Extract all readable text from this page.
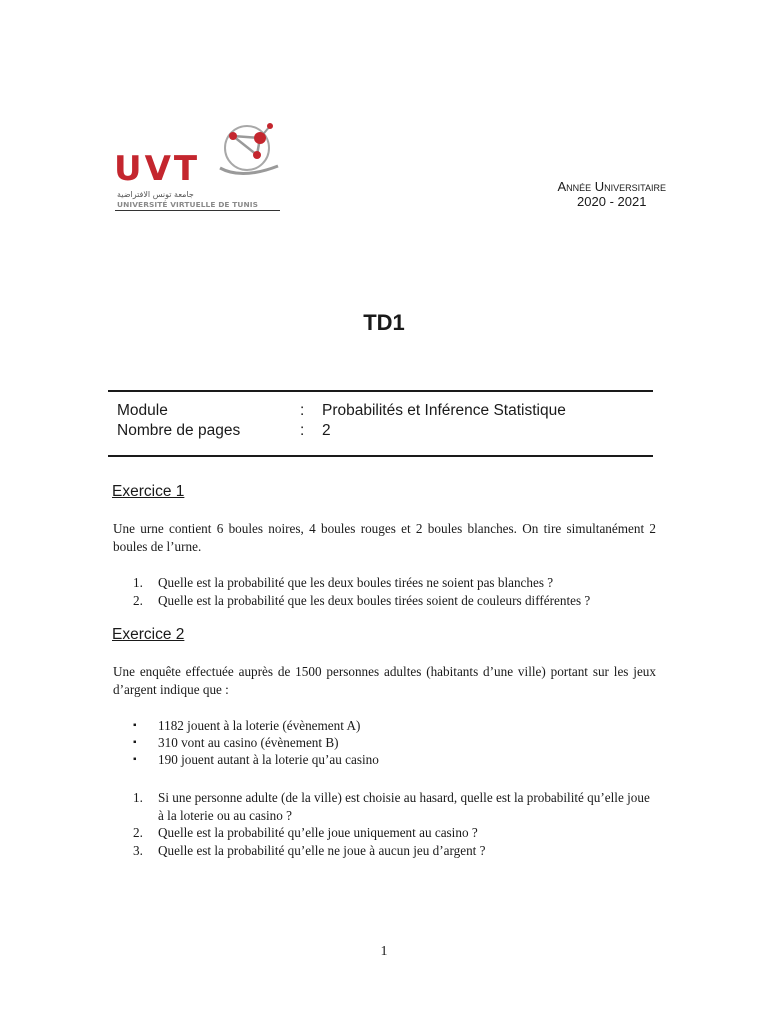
UVT
جامعة تونس الافتراضية
UNIVERSITÉ VIRTUELLE DE TUNIS
Année Universitaire
2020 - 2021
TD1
Module	: Probabilités et Inférence Statistique
Nombre de pages	: 2
Exercice 1
Une urne contient 6 boules noires, 4 boules rouges et 2 boules blanches. On tire simultanément 2 boules de l’urne.
1. Quelle est la probabilité que les deux boules tirées ne soient pas blanches ?
2. Quelle est la probabilité que les deux boules tirées soient de couleurs différentes ?
Exercice 2
Une enquête effectuée auprès de 1500 personnes adultes (habitants d’une ville) portant sur les jeux d’argent indique que :
▪ 1182 jouent à la loterie (évènement A)
▪ 310 vont au casino (évènement B)
▪ 190 jouent autant à la loterie qu’au casino
1. Si une personne adulte (de la ville) est choisie au hasard, quelle est la probabilité qu’elle joue à la loterie ou au casino ?
2. Quelle est la probabilité qu’elle joue uniquement au casino ?
3. Quelle est la probabilité qu’elle ne joue à aucun jeu d’argent ?
1
